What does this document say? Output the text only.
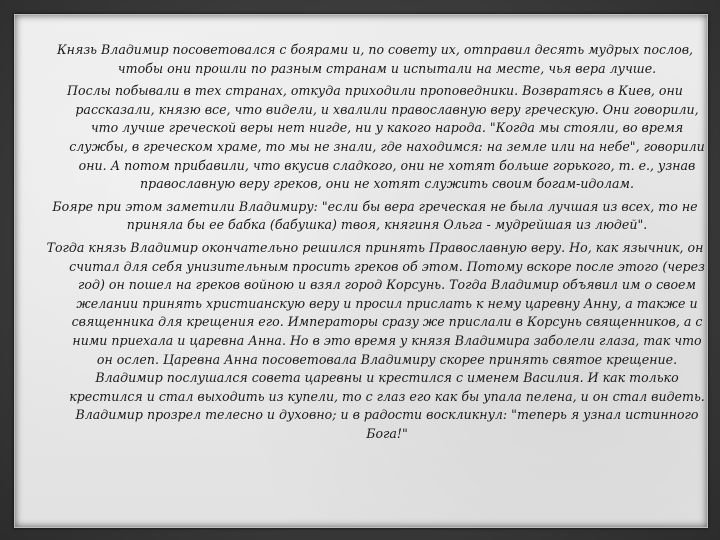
Князь Владимир посоветовался с боярами и, по совету их, отправил десять мудрых послов, чтобы они прошли по разным странам и испытали на месте, чья вера лучше.

Послы побывали в тех странах, откуда приходили проповедники. Возвратясь в Киев, они рассказали, князю все, что видели, и хвалили православную веру греческую. Они говорили, что лучше греческой веры нет нигде, ни у какого народа. "Когда мы стояли, во время службы, в греческом храме, то мы не знали, где находимся: на земле или на небе", говорили они. А потом прибавили, что вкусив сладкого, они не хотят больше горького, т. е., узнав православную веру греков, они не хотят служить своим богам-идолам.

Бояре при этом заметили Владимиру: "если бы вера греческая не была лучшая из всех, то не приняла бы ее бабка (бабушка) твоя, княгиня Ольга - мудрейшая из людей".

Тогда князь Владимир окончательно решился принять Православную веру. Но, как язычник, он считал для себя унизительным просить греков об этом. Потому вскоре после этого (через год) он пошел на греков войною и взял город Корсунь. Тогда Владимир объявил им о своем желании принять христианскую веру и просил прислать к нему царевну Анну, а также и священника для крещения его. Императоры сразу же прислали в Корсунь священников, а с ними приехала и царевна Анна. Но в это время у князя Владимира заболели глаза, так что он ослеп. Царевна Анна посоветовала Владимиру скорее принять святое крещение. Владимир послушался совета царевны и крестился с именем Василия. И как только крестился и стал выходить из купели, то с глаз его как бы упала пелена, и он стал видеть. Владимир прозрел телесно и духовно; и в радости воскликнул: "теперь я узнал истинного Бога!"
